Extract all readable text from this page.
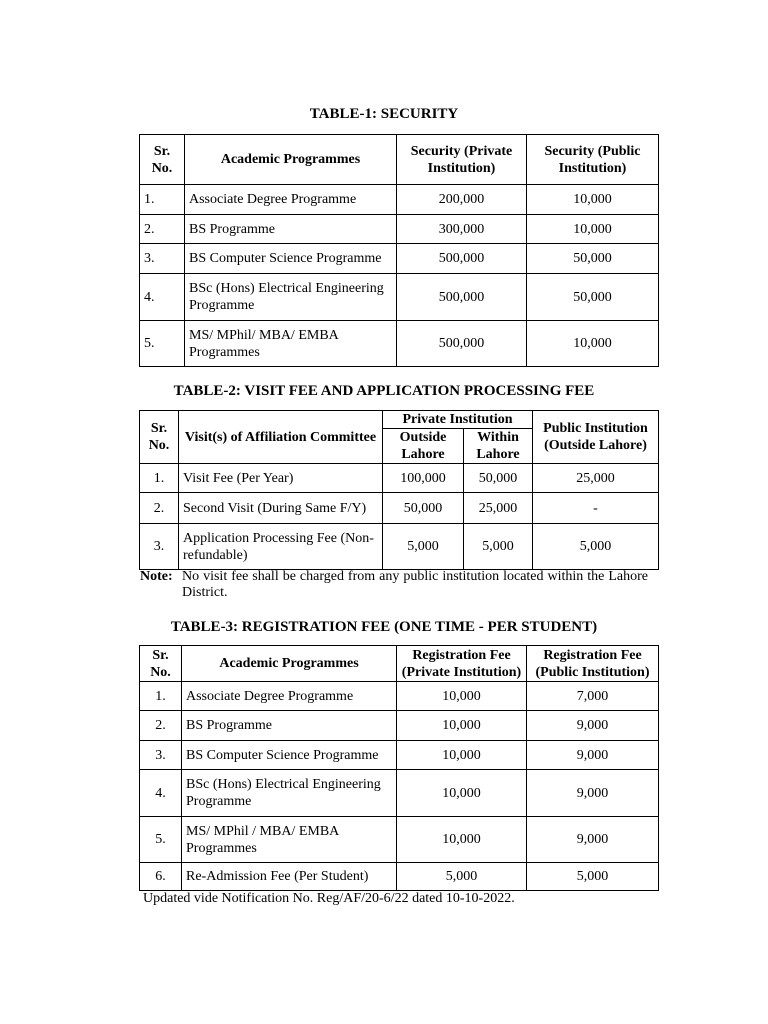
TABLE-1: SECURITY
Sr. No.	Academic Programmes	Security (Private Institution)	Security (Public Institution)
1.	Associate Degree Programme	200,000	10,000
2.	BS Programme	300,000	10,000
3.	BS Computer Science Programme	500,000	50,000
4.	BSc (Hons) Electrical Engineering Programme	500,000	50,000
5.	MS/ MPhil/ MBA/ EMBA Programmes	500,000	10,000
TABLE-2: VISIT FEE AND APPLICATION PROCESSING FEE
Sr. No.	Visit(s) of Affiliation Committee	Private Institution		Public Institution (Outside Lahore)
		Outside Lahore	Within Lahore	
1.	Visit Fee (Per Year)	100,000	50,000	25,000
2.	Second Visit (During Same F/Y)	50,000	25,000	-
3.	Application Processing Fee (Non-refundable)	5,000	5,000	5,000
Note: No visit fee shall be charged from any public institution located within the Lahore District.
TABLE-3: REGISTRATION FEE (ONE TIME - PER STUDENT)
Sr. No.	Academic Programmes	Registration Fee (Private Institution)	Registration Fee (Public Institution)
1.	Associate Degree Programme	10,000	7,000
2.	BS Programme	10,000	9,000
3.	BS Computer Science Programme	10,000	9,000
4.	BSc (Hons) Electrical Engineering Programme	10,000	9,000
5.	MS/ MPhil / MBA/ EMBA Programmes	10,000	9,000
6.	Re-Admission Fee (Per Student)	5,000	5,000
Updated vide Notification No. Reg/AF/20-6/22 dated 10-10-2022.
